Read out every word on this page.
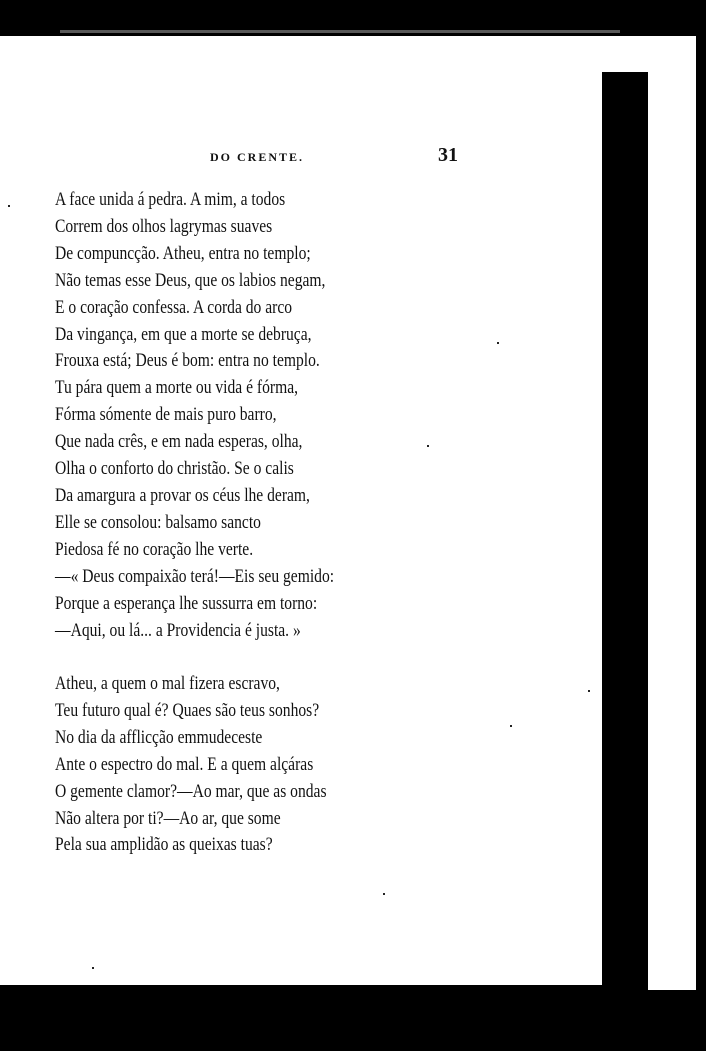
DO CRENTE.	31
A face unida á pedra. A mim, a todos
Correm dos olhos lagrymas suaves
De compuncção. Atheu, entra no templo;
Não temas esse Deus, que os labios negam,
E o coração confessa. A corda do arco
Da vingança, em que a morte se debruça,
Frouxa está; Deus é bom: entra no templo.
Tu pára quem a morte ou vida é fórma,
Fórma sómente de mais puro barro,
Que nada crês, e em nada esperas, olha,
Olha o conforto do christão. Se o calis
Da amargura a provar os céus lhe deram,
Elle se consolou: balsamo sancto
Piedosa fé no coração lhe verte.
—« Deus compaixão terá!—Eis seu gemido:
Porque a esperança lhe sussurra em torno:
—Aqui, ou lá... a Providencia é justa. »
Atheu, a quem o mal fizera escravo,
Teu futuro qual é? Quaes são teus sonhos?
No dia da afflicção emmudeceste
Ante o espectro do mal. E a quem alçáras
O gemente clamor?—Ao mar, que as ondas
Não altera por ti?—Ao ar, que some
Pela sua amplidão as queixas tuas?
